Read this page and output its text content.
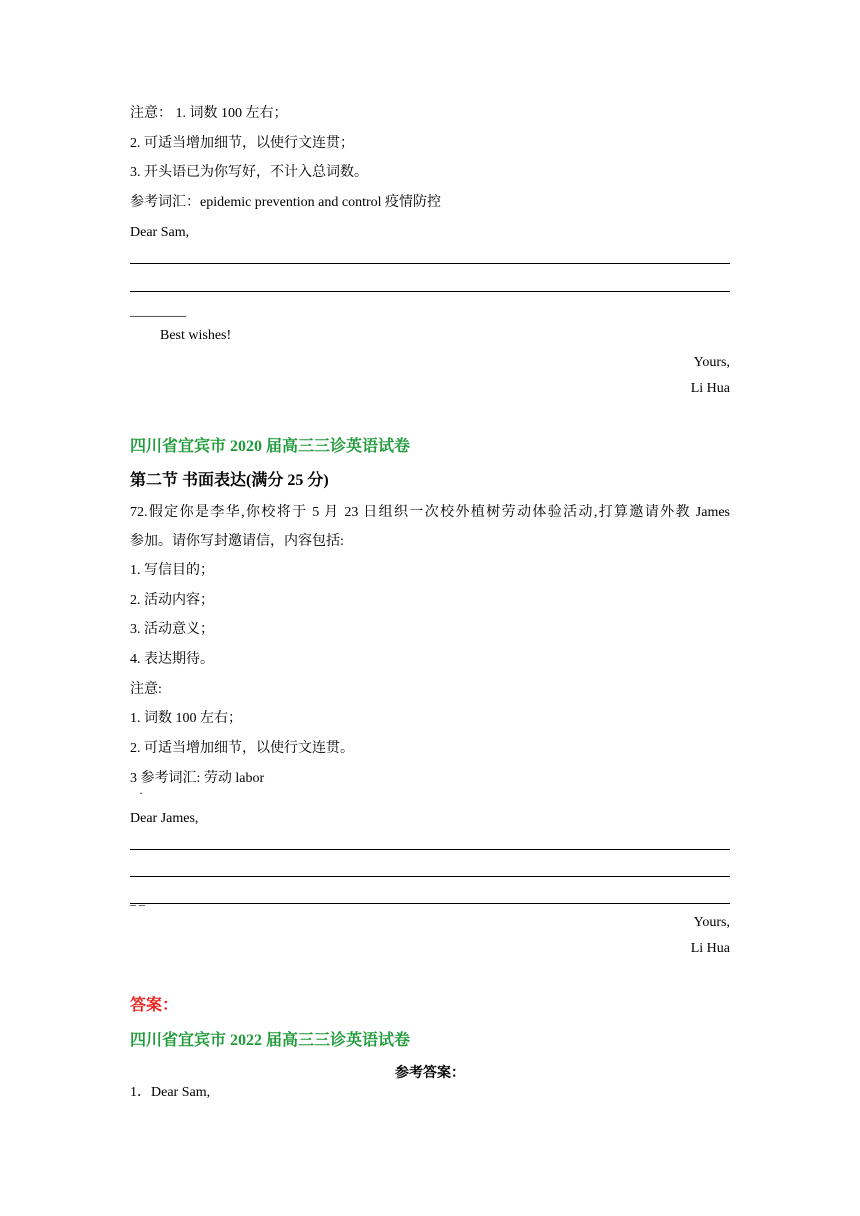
注意： 1. 词数 100 左右；
2. 可适当增加细节，以使行文连贯；
3. 开头语已为你写好，不计入总词数。
参考词汇：epidemic prevention and control 疫情防控
Dear Sam,
________
Best wishes!
Yours,
Li Hua
四川省宜宾市 2020 届高三三诊英语试卷
第二节 书面表达(满分 25 分)
72.假定你是李华,你校将于 5 月 23 日组织一次校外植树劳动体验活动,打算邀请外教 James
参加。请你写封邀请信，内容包括:
1. 写信目的；
2. 活动内容；
3. 活动意义；
4. 表达期待。
注意:
1. 词数 100 左右；
2. 可适当增加细节，以使行文连贯。
3 参考词汇: 劳动 labor
·
Dear James,
_ _
Yours,
Li Hua
答案：
四川省宜宾市 2022 届高三三诊英语试卷
参考答案：
1．Dear Sam,
